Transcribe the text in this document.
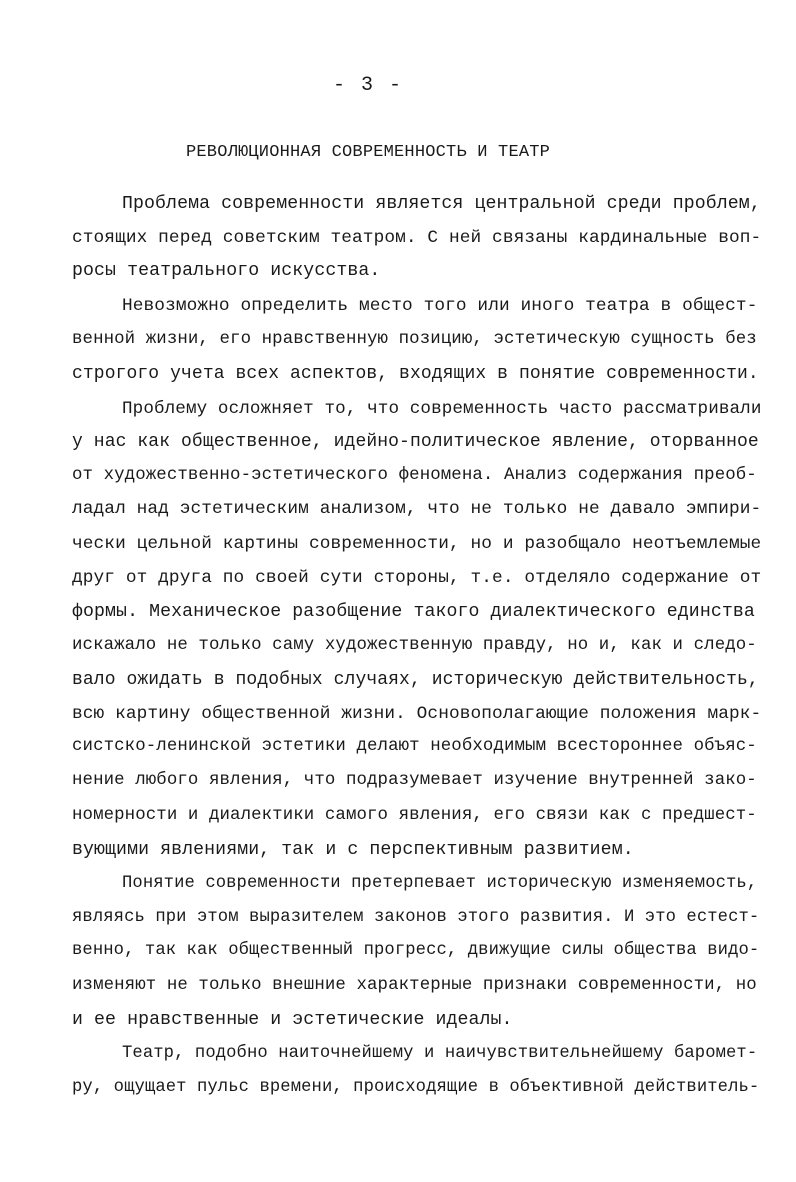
- 3 -
РЕВОЛЮЦИОННАЯ СОВРЕМЕННОСТЬ И ТЕАТР
Проблема современности является центральной среди проблем,
стоящих перед советским театром. С ней связаны кардинальные воп-
росы театрального искусства.
Невозможно определить место того или иного театра в общест-
венной жизни, его нравственную позицию, эстетическую сущность без
строгого учета всех аспектов, входящих в понятие современности.
Проблему осложняет то, что современность часто рассматривали
у нас как общественное, идейно-политическое явление, оторванное
от художественно-эстетического феномена. Анализ содержания преоб-
ладал над эстетическим анализом, что не только не давало эмпири-
чески цельной картины современности, но и разобщало неотъемлемые
друг от друга по своей сути стороны, т.е. отделяло содержание от
формы. Механическое разобщение такого диалектического единства
искажало не только саму художественную правду, но и, как и следо-
вало ожидать в подобных случаях, историческую действительность,
всю картину общественной жизни. Основополагающие положения марк-
систско-ленинской эстетики делают необходимым всестороннее объяс-
нение любого явления, что подразумевает изучение внутренней зако-
номерности и диалектики самого явления, его связи как с предшест-
вующими явлениями, так и с перспективным развитием.
Понятие современности претерпевает историческую изменяемость,
являясь при этом выразителем законов этого развития. И это естест-
венно, так как общественный прогресс, движущие силы общества видо-
изменяют не только внешние характерные признаки современности, но
и ее нравственные и эстетические идеалы.
Театр, подобно наиточнейшему и наичувствительнейшему баромет-
ру, ощущает пульс времени, происходящие в объективной действитель-
